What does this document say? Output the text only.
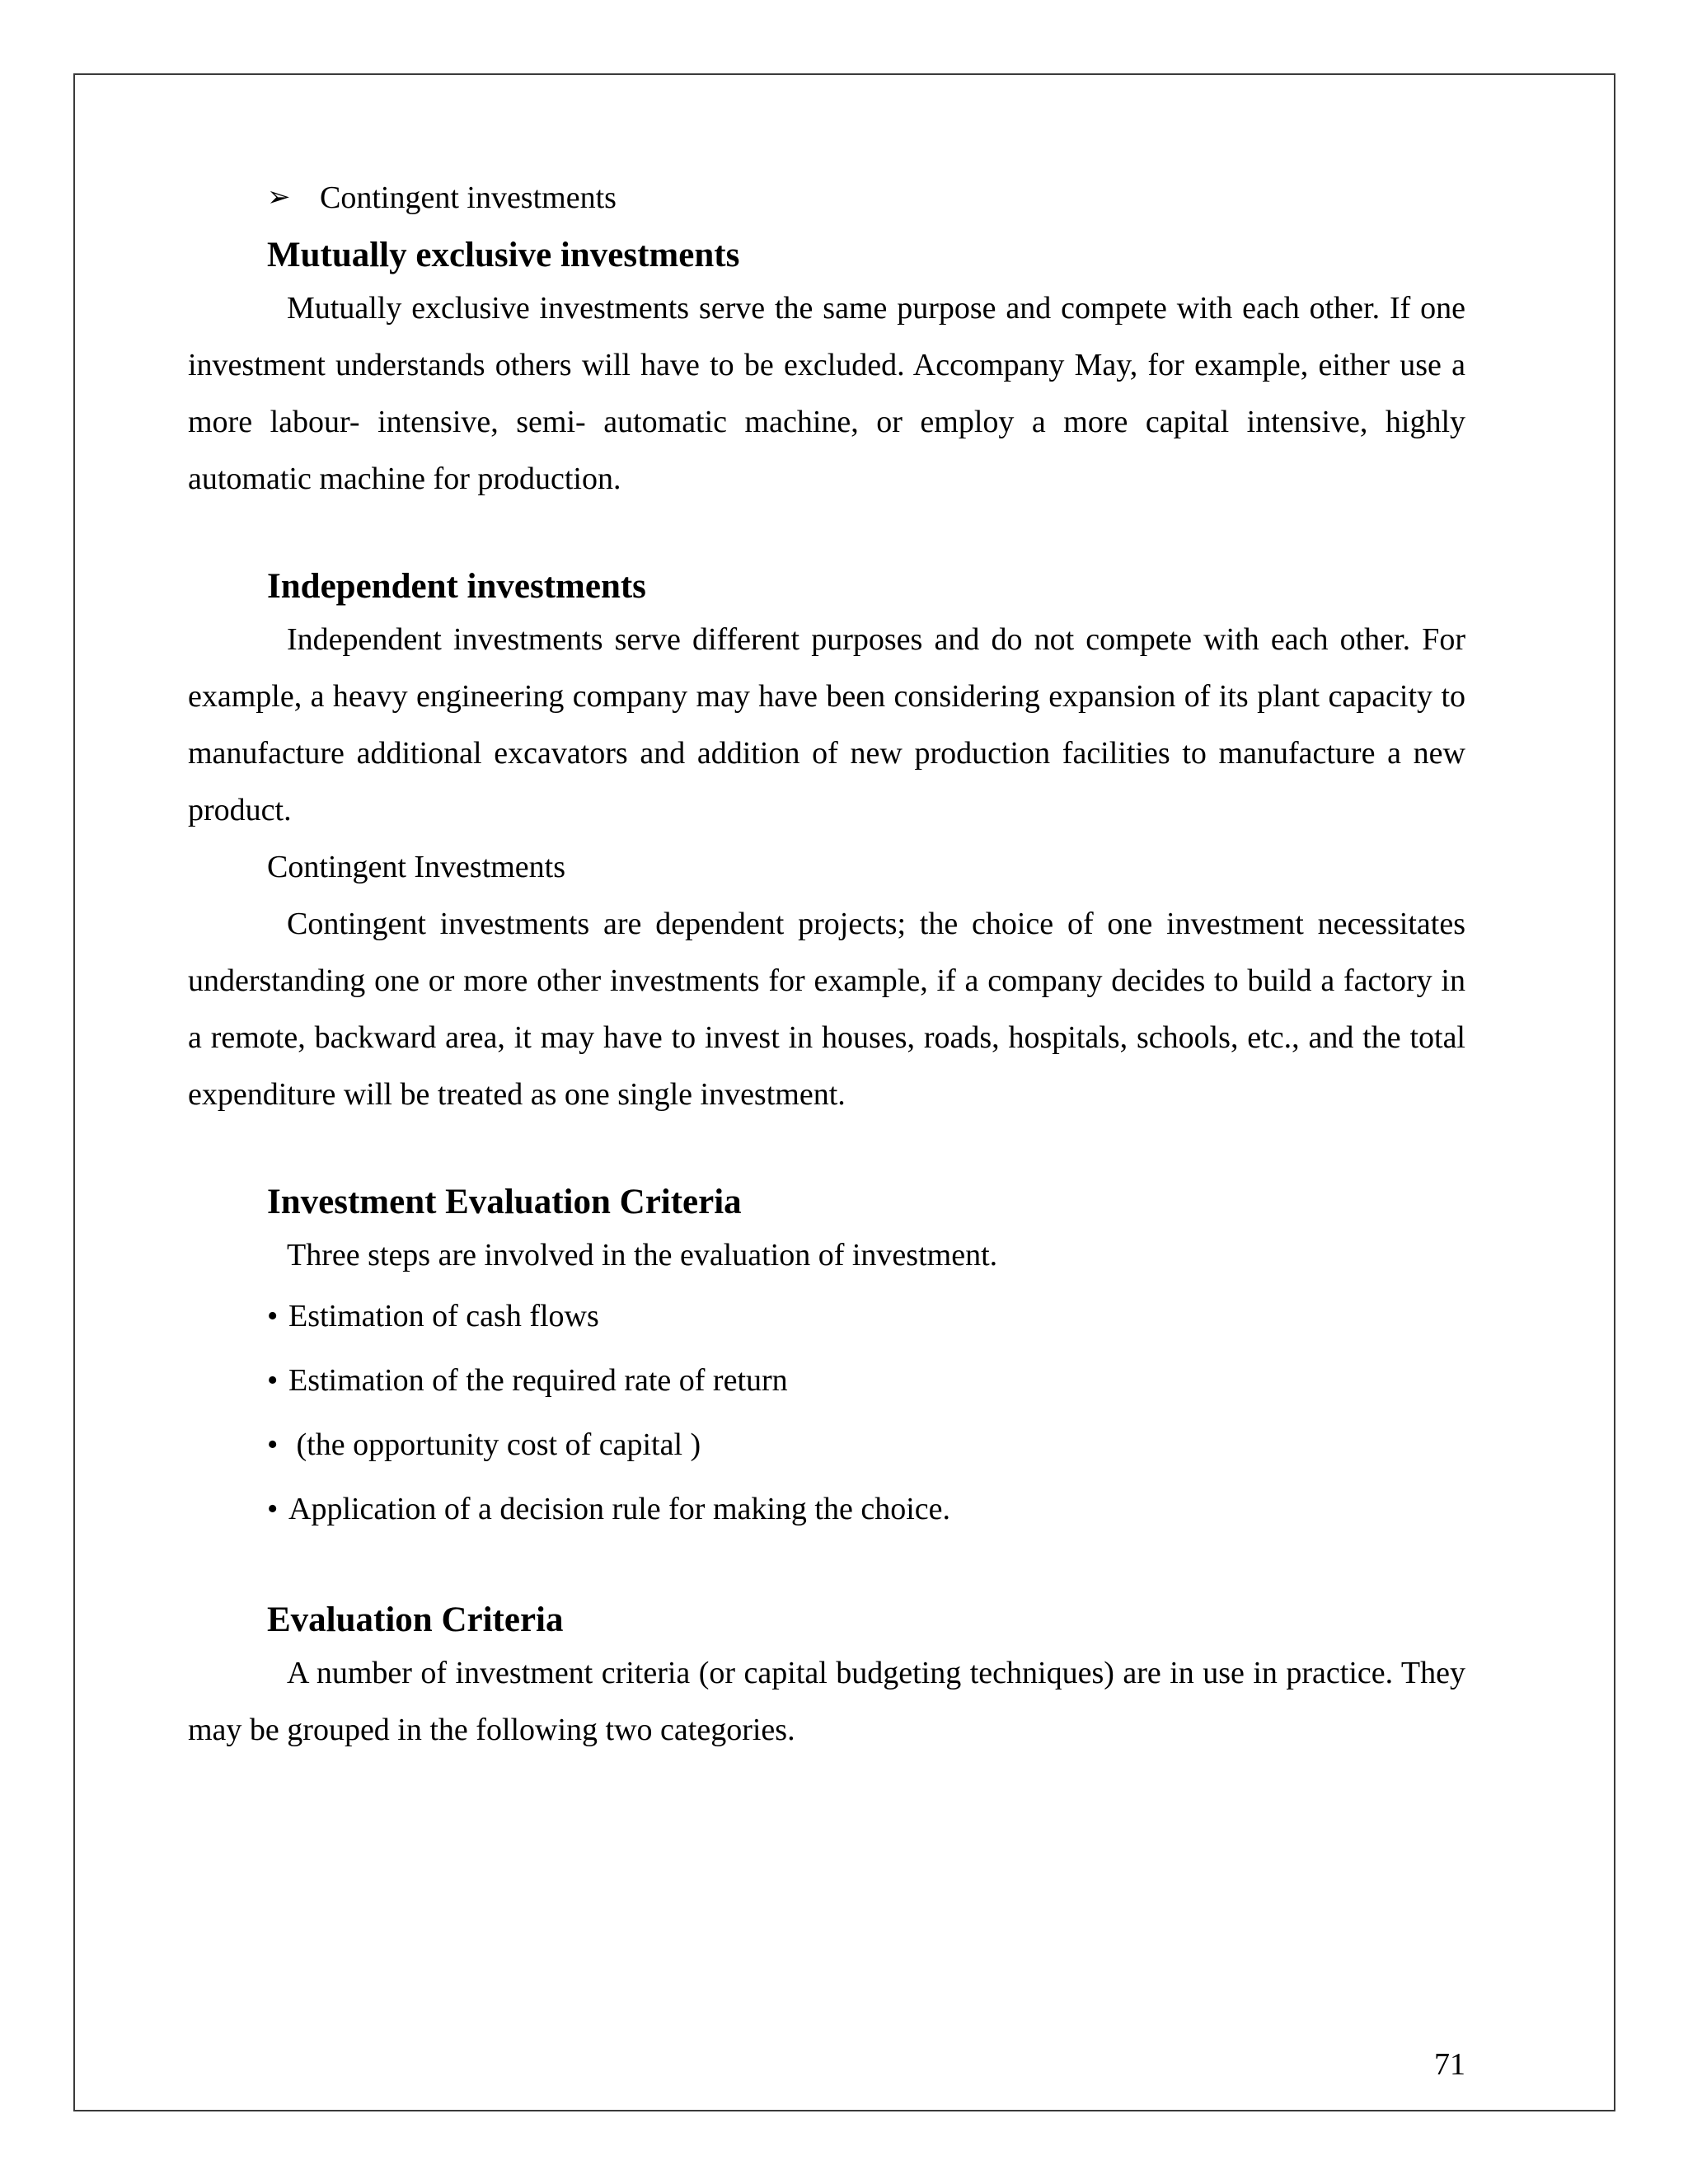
➢ Contingent investments
Mutually exclusive investments

Mutually exclusive investments serve the same purpose and compete with each other. If one investment understands others will have to be excluded. Accompany May, for example, either use a more labour- intensive, semi- automatic machine, or employ a more capital intensive, highly automatic machine for production.

Independent investments

Independent investments serve different purposes and do not compete with each other. For example, a heavy engineering company may have been considering expansion of its plant capacity to manufacture additional excavators and addition of new production facilities to manufacture a new product.

Contingent Investments

Contingent investments are dependent projects; the choice of one investment necessitates understanding one or more other investments for example, if a company decides to build a factory in a remote, backward area, it may have to invest in houses, roads, hospitals, schools, etc., and the total expenditure will be treated as one single investment.

Investment Evaluation Criteria

Three steps are involved in the evaluation of investment.

• Estimation of cash flows
• Estimation of the required rate of return
• (the opportunity cost of capital )
• Application of a decision rule for making the choice.
Evaluation Criteria

A number of investment criteria (or capital budgeting techniques) are in use in practice. They may be grouped in the following two categories.

71
